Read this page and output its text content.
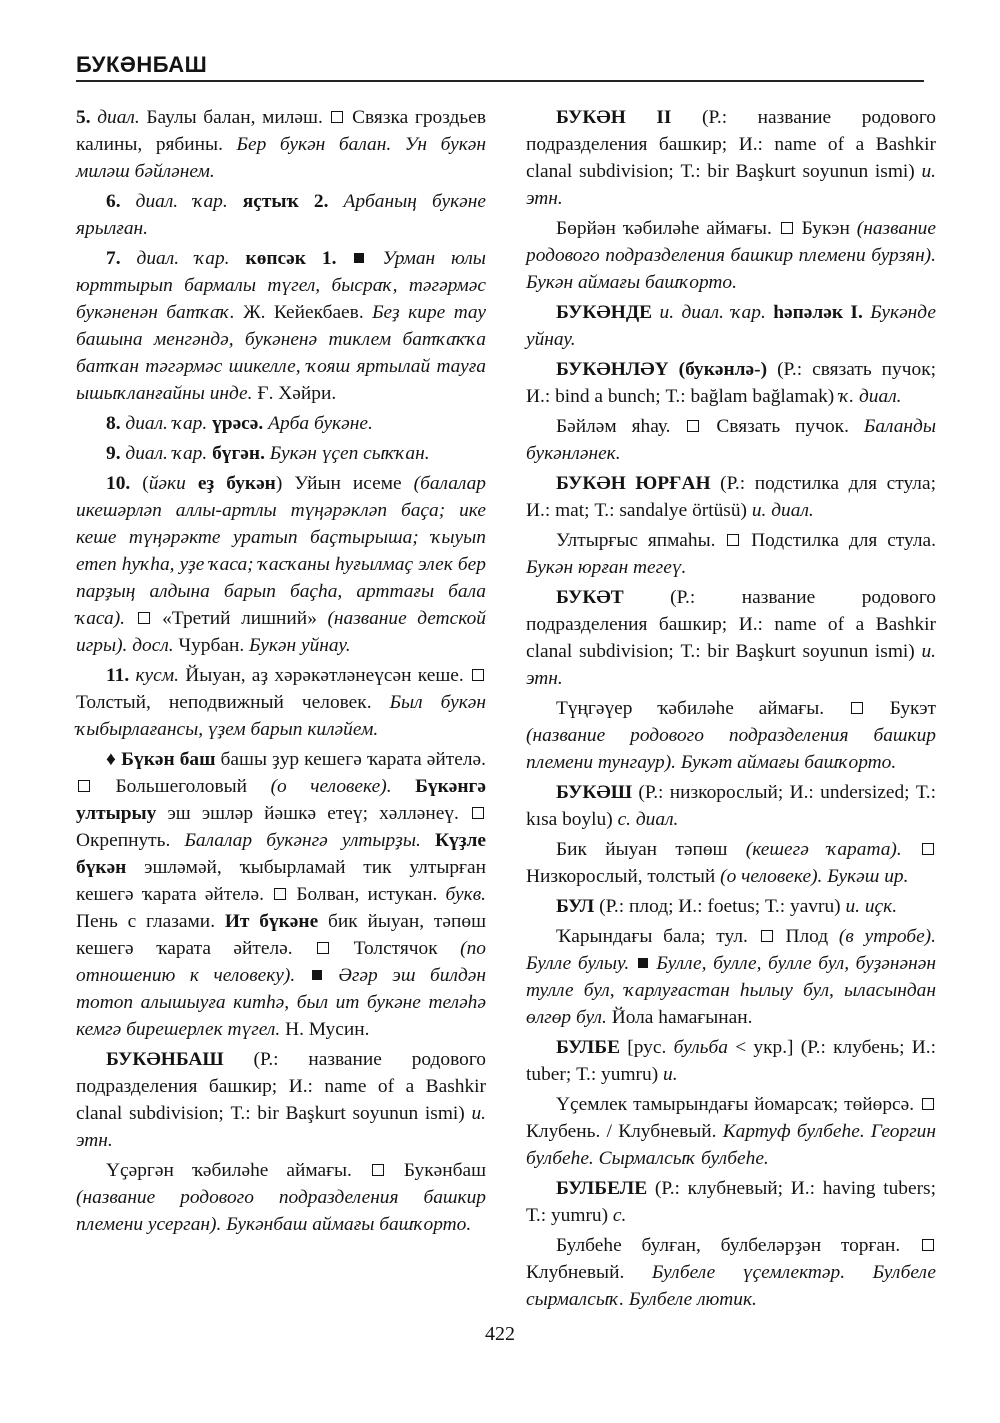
БУКӘНБАШ

5. диал. Баулы балан, миләш.  Связка гроздьев калины, рябины. Бер букән балан. Ун букән миләш бәйләнем.

6. диал. ҡар. яҫтыҡ 2. Арбаның букәне ярылған.

7. диал. ҡар. көпсәк 1. Урман юлы юрттырып бармалы түгел, бысраҡ, тәгәрмәс букәненән батҡаҡ. Ж. Кейекбаев. Беҙ кире тау башына менгәндә, букәненә тиклем батҡаҡҡа батҡан тәгәрмәс шикелле, ҡояш яртылай тауға ышыҡланғайны инде. Ғ. Хәйри.

8. диал. ҡар. үрәсә. Арба букәне.

9. диал. ҡар. бүгән. Букән үҫеп сыҡҡан.

10. (йәки еҙ букән) Уйын исеме (балалар икешәрләп аллы-артлы түңәрәкләп баҫа; ике кеше түңәрәкте уратып баҫтырыша; ҡыуып етеп һуҡһа, уҙе ҡаса; ҡасҡаны һуғылмаҫ элек бер парҙың алдына барып баҫһа, арттағы бала ҡаса).  «Третий лишний» (название детской игры). досл. Чурбан. Букән уйнау.

11. кусм. Йыуан, аҙ хәрәкәтләнеүсән кеше.  Толстый, неподвижный человек. Был букән ҡыбырлағансы, үҙем барып киләйем.

♦ Бүкән баш башы ҙур кешегә ҡарата әйтелә.  Большеголовый (о человеке). Бүкәнгә ултырыу эш эшләр йәшкә етеү; хәлләнеү.  Окрепнуть. Балалар букәнгә ултырҙы. Күҙле бүкән эшләмәй, ҡыбырламай тик ултырған кешегә ҡарата әйтелә.  Болван, истукан. букв. Пень с глазами. Ит бүкәне бик йыуан, тәпөш кешегә ҡарата әйтелә.  Толстячок (по отношению к человеку). Әгәр эш билдән тотоп алышыуға китһә, был ит букәне теләһә кемгә бирешерлек түгел. Н. Мусин.

БУКӘНБАШ (Р.: название родового подразделения башкир; И.: name of a Bashkir clanal subdivision; Т.: bir Başkurt soyunun ismi) и. этн.

Үҫәргән ҡәбиләһе аймағы.  Букәнбаш (название родового подразделения башкир племени усерган). Букәнбаш аймағы башҡорто.

БУКӘН II (Р.: название родового подразделения башкир; И.: name of a Bashkir clanal subdivision; Т.: bir Başkurt soyunun ismi) и. этн.

Бөрйән ҡәбиләһе аймағы.  Букэн (название родового подразделения башкир племени бурзян). Букән аймағы башҡорто.

БУКӘНДЕ и. диал. ҡар. һәпәләк I. Букәнде уйнау.

БУКӘНЛӘҮ (букәнлә-) (Р.: связать пучок; И.: bind a bunch; Т.: bağlam bağlamak) ҡ. диал.

Бәйләм яһау.  Связать пучок. Баланды букәнләнек.

БУКӘН ЮРҒАН (Р.: подстилка для стула; И.: mat; Т.: sandalye örtüsü) и. диал.

Ултырғыс япмаһы.  Подстилка для стула. Букән юрған тегеү.

БУКӘТ (Р.: название родового подразделения башкир; И.: name of a Bashkir clanal subdivision; Т.: bir Başkurt soyunun ismi) и. этн.

Түңгәүер ҡәбиләһе аймағы.  Букэт (название родового подразделения башкир племени тунгаур). Букәт аймағы башҡорто.

БУКӘШ (Р.: низкорослый; И.: undersized; Т.: kısa boylu) с. диал.

Бик йыуан тәпөш (кешегә ҡарата).  Низкорослый, толстый (о человеке). Букәш ир.

БУЛ (Р.: плод; И.: foetus; Т.: yavru) и. иҫк.

Ҡарындағы бала; тул.  Плод (в утробе). Булле булыу. Булле, булле, булле бул, буҙәнәнән тулле бул, ҡарлуғастан һылыу бул, ыласындан өлгөр бул. Йола һамағынан.

БУЛБЕ [рус. бульба < укр.] (Р.: клубень; И.: tuber; Т.: yumru) и.

Үҫемлек тамырындағы йомарсаҡ; төйөрсә.  Клубень. / Клубневый. Картуф булбеһе. Георгин булбеһе. Сырмалсыҡ булбеһе.

БУЛБЕЛЕ (Р.: клубневый; И.: having tubers; Т.: yumru) с.

Булбеһе булған, булбеләрҙән торған.  Клубневый. Булбеле үҫемлектәр. Булбеле сырмалсыҡ. Булбеле лютик.

422
